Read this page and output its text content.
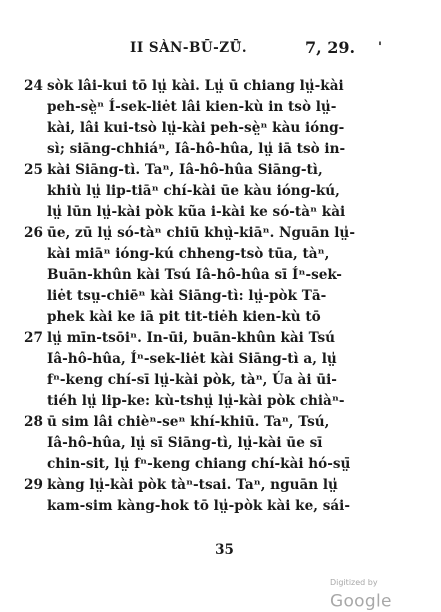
II SÀN-BŪ-ZŪ̍.	7, 29. '
24 sòk lâi-kui tō lṳ̍ kài. Lṳ̍ ū chiang lṳ̍-kài
peh-sè̤ⁿ Í-sek-liėt lâi kien-kù in tsò lṳ̍-
kài, lâi kui-tsò lṳ̍-kài peh-sè̤ⁿ kàu ióng-
sì; siāng-chhiáⁿ, Iâ-hô-hûa, lṳ̍ iā tsò in-
25 kài Siāng-tì. Taⁿ, Iâ-hô-hûa Siāng-tì,
khiù lṳ̍ lip-tiāⁿ chí-kài ūe kàu ióng-kú,
lṳ̍ lūn lṳ̍-kài pòk kũa i-kài ke só-tàⁿ kài
26 ūe, zū lṳ̍ só-tàⁿ chiū khṳ̀-kiāⁿ. Nguān lṳ̍-
kài miāⁿ ióng-kú chheng-tsò tūa, tàⁿ,
Buān-khûn kài Tsú Iâ-hô-hûa sī Íⁿ-sek-
liėt tsṳ-chiēⁿ kài Siāng-tì: lṳ̍-pòk Tā-
phek kài ke iā pit tit-tiėh kien-kù tō
27 lṳ̍ mīn-tsōiⁿ. In-ūi, buān-khûn kài Tsú
Iâ-hô-hûa, Íⁿ-sek-liėt kài Siāng-tì a, lṳ̍
fⁿ-keng chí-sī lṳ̍-kài pòk, tàⁿ, Úa ài ūi-
tiéh lṳ̍ lip-ke: kù-tshṳ̍ lṳ̍-kài pòk chiàⁿ-
28 ū sim lâi chièⁿ-seⁿ khí-khiū. Taⁿ, Tsú,
Iâ-hô-hûa, lṳ̍ sī Siāng-tì, lṳ̍-kài ūe sī
chin-sit, lṳ̍ fⁿ-keng chiang chí-kài hó-sṳ̄
29 kàng lṳ̍-kài pòk tàⁿ-tsai. Taⁿ, nguān lṳ̍
kam-sim kàng-hok tō lṳ̍-pòk kài ke, sái-
35
Digitized by Google
